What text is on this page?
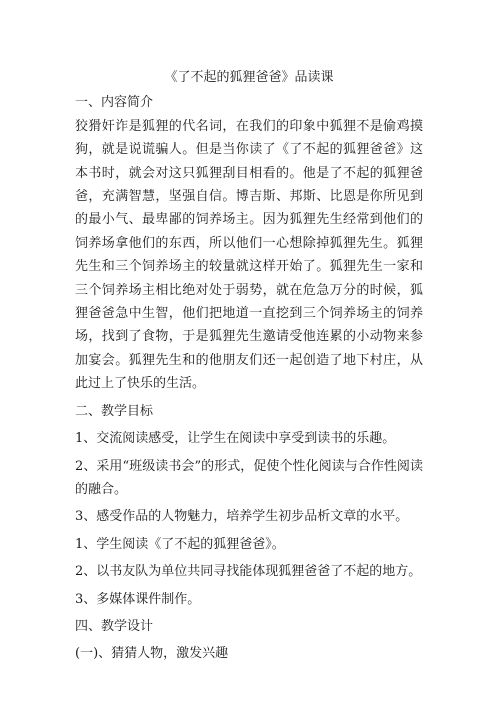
《了不起的狐狸爸爸》品读课

一、内容简介

狡猾奸诈是狐狸的代名词，在我们的印象中狐狸不是偷鸡摸狗，就是说谎骗人。但是当你读了《了不起的狐狸爸爸》这本书时，就会对这只狐狸刮目相看的。他是了不起的狐狸爸爸，充满智慧，坚强自信。博吉斯、邦斯、比恩是你所见到的最小气、最卑鄙的饲养场主。因为狐狸先生经常到他们的饲养场拿他们的东西，所以他们一心想除掉狐狸先生。狐狸先生和三个饲养场主的较量就这样开始了。狐狸先生一家和三个饲养场主相比绝对处于弱势，就在危急万分的时候，狐狸爸爸急中生智，他们把地道一直挖到三个饲养场主的饲养场，找到了食物，于是狐狸先生邀请受他连累的小动物来参加宴会。狐狸先生和的他朋友们还一起创造了地下村庄，从此过上了快乐的生活。

二、教学目标

1、交流阅读感受，让学生在阅读中享受到读书的乐趣。

2、采用“班级读书会”的形式，促使个性化阅读与合作性阅读的融合。

3、感受作品的人物魅力，培养学生初步品析文章的水平。

1、学生阅读《了不起的狐狸爸爸》。

2、以书友队为单位共同寻找能体现狐狸爸爸了不起的地方。

3、多媒体课件制作。

四、教学设计

(一)、猜猜人物，激发兴趣
